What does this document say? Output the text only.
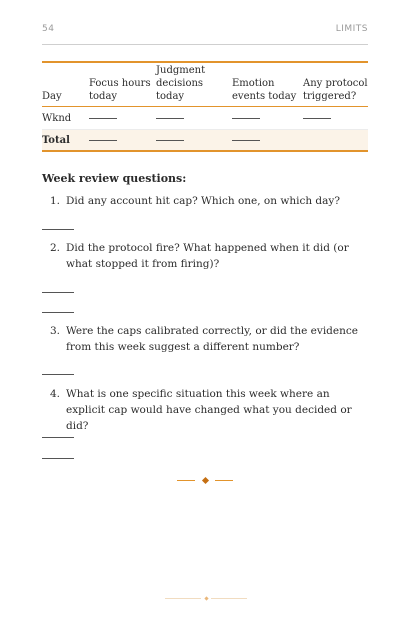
54	LIMITS
Day	Focus hours today	Judgment decisions today	Emotion events today	Any protocol triggered?
Wknd				
Total				
Week review questions:
1. Did any account hit cap? Which one, on which day?
2. Did the protocol fire? What happened when it did (or what stopped it from firing)?
3. Were the caps calibrated correctly, or did the evidence from this week suggest a different number?
4. What is one specific situation this week where an explicit cap would have changed what you decided or did?
